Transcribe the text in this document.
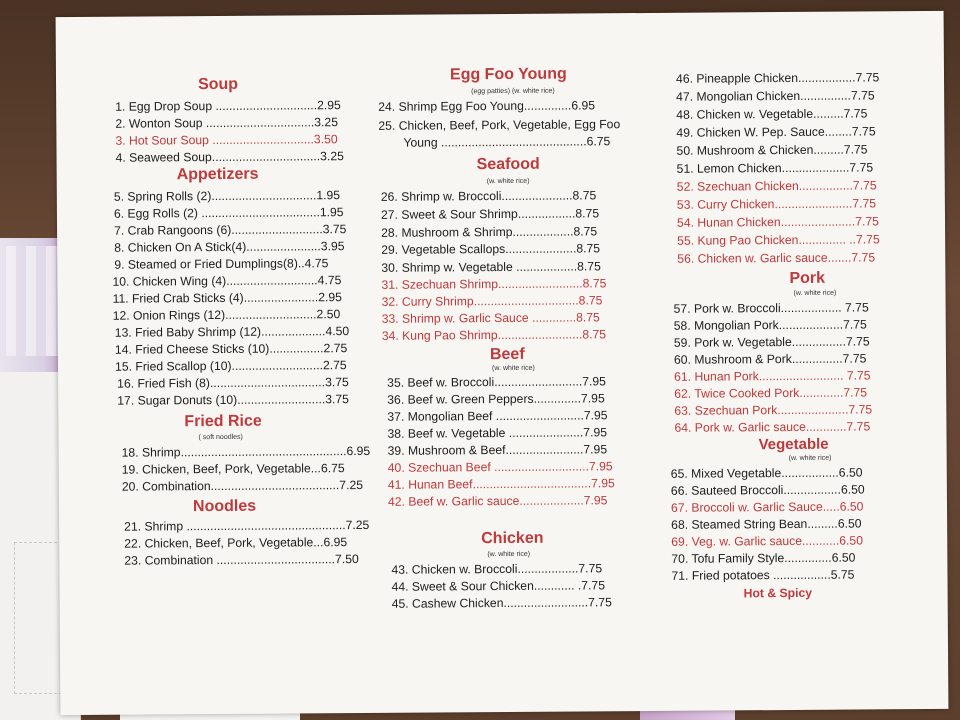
Soup
1. Egg Drop Soup ..............................2.95
2. Wonton Soup ................................3.25
3. Hot Sour Soup ..............................3.50
4. Seaweed Soup................................3.25
Appetizers
5. Spring Rolls (2)...............................1.95
6. Egg Rolls (2) ...................................1.95
7. Crab Rangoons (6)...........................3.75
8. Chicken On A Stick(4)......................3.95
9. Steamed or Fried Dumplings(8)..4.75
10. Chicken Wing (4)...........................4.75
11. Fried Crab Sticks (4)......................2.95
12. Onion Rings (12)...........................2.50
13. Fried Baby Shrimp (12)...................4.50
14. Fried Cheese Sticks (10)................2.75
15. Fried Scallop (10)...........................2.75
16. Fried Fish (8)..................................3.75
17. Sugar Donuts (10)..........................3.75
Fried Rice
( soft noodles)
18. Shrimp.................................................6.95
19. Chicken, Beef, Pork, Vegetable...6.75
20. Combination......................................7.25
Noodles
21. Shrimp ...............................................7.25
22. Chicken, Beef, Pork, Vegetable...6.95
23. Combination ...................................7.50
Egg Foo Young
(egg patties) (w. white rice)
24. Shrimp Egg Foo Young..............6.95
25. Chicken, Beef, Pork, Vegetable, Egg Foo
Young ...........................................6.75
Seafood
(w. white rice)
26. Shrimp w. Broccoli.....................8.75
27. Sweet & Sour Shrimp.................8.75
28. Mushroom & Shrimp..................8.75
29. Vegetable Scallops.....................8.75
30. Shrimp w. Vegetable ..................8.75
31. Szechuan Shrimp.........................8.75
32. Curry Shrimp...............................8.75
33. Shrimp w. Garlic Sauce .............8.75
34. Kung Pao Shrimp.........................8.75
Beef
(w. white rice)
35. Beef w. Broccoli..........................7.95
36. Beef w. Green Peppers..............7.95
37. Mongolian Beef ..........................7.95
38. Beef w. Vegetable ......................7.95
39. Mushroom & Beef.......................7.95
40. Szechuan Beef ............................7.95
41. Hunan Beef...................................7.95
42. Beef w. Garlic sauce...................7.95
Chicken
(w. white rice)
43. Chicken w. Broccoli..................7.75
44. Sweet & Sour Chicken............ .7.75
45. Cashew Chicken.........................7.75
46. Pineapple Chicken.................7.75
47. Mongolian Chicken...............7.75
48. Chicken w. Vegetable.........7.75
49. Chicken W. Pep. Sauce........7.75
50. Mushroom & Chicken.........7.75
51. Lemon Chicken....................7.75
52. Szechuan Chicken................7.75
53. Curry Chicken.......................7.75
54. Hunan Chicken......................7.75
55. Kung Pao Chicken.............. ..7.75
56. Chicken w. Garlic sauce.......7.75
Pork
(w. white rice)
57. Pork w. Broccoli.................. 7.75
58. Mongolian Pork...................7.75
59. Pork w. Vegetable................7.75
60. Mushroom & Pork...............7.75
61. Hunan Pork......................... 7.75
62. Twice Cooked Pork.............7.75
63. Szechuan Pork.....................7.75
64. Pork w. Garlic sauce............7.75
Vegetable
(w. white rice)
65. Mixed Vegetable.................6.50
66. Sauteed Broccoli.................6.50
67. Broccoli w. Garlic Sauce.....6.50
68. Steamed String Bean.........6.50
69. Veg. w. Garlic sauce...........6.50
70. Tofu Family Style..............6.50
71. Fried potatoes .................5.75
Hot & Spicy
